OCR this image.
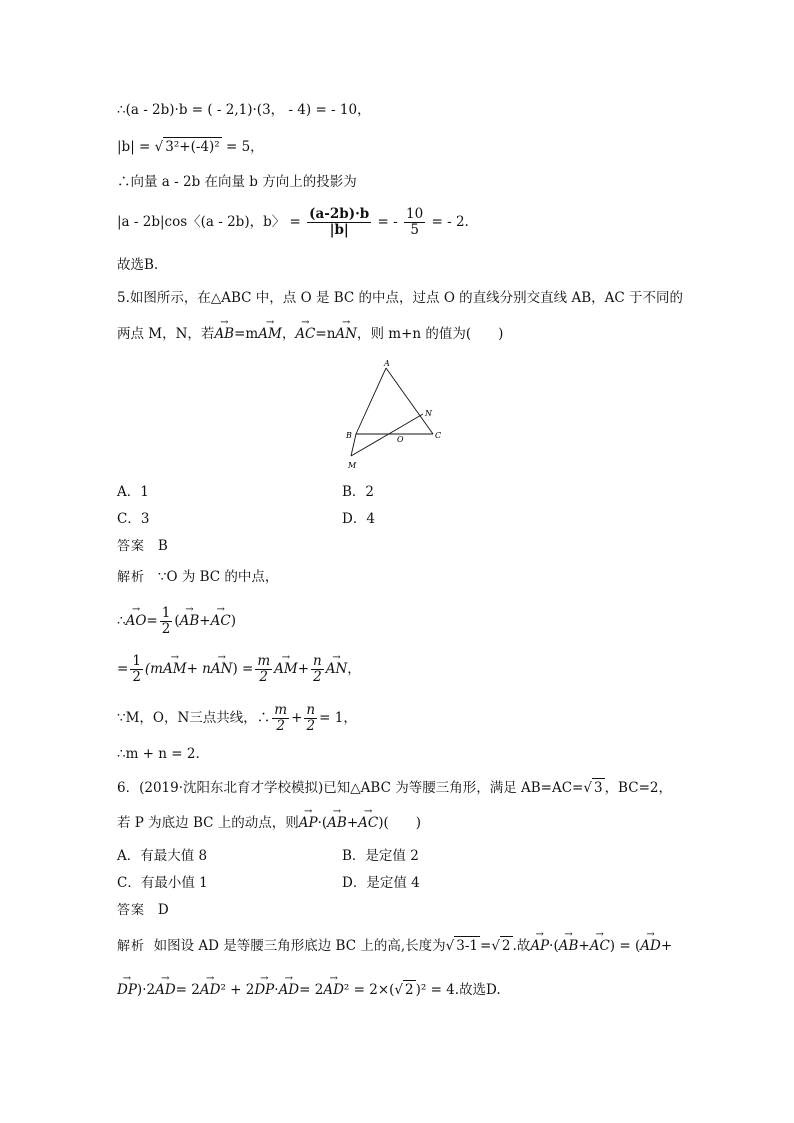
∴(a - 2b)·b = ( - 2,1)·(3， - 4) = - 10，
|b| = √ 3²+(-4)² = 5，
∴向量 a - 2b 在向量 b 方向上的投影为
|a - 2b|cos〈(a - 2b)，b〉 = $\frac{(a-2b)\cdot b}{|b|}$ = - $\frac{10}{5}$ = - 2.
故选B.
5.如图所示，在△ABC 中，点 O 是 BC 的中点，过点 O 的直线分别交直线 AB，AC 于不同的
两点 M，N，若→ AB=m→ AM，→ AC=n→ AN，则 m+n 的值为(　　)
A
B	C
O
M
N
A．1	B．2
C．3	D．4
答案 B
解析 ∵O 为 BC 的中点，
∴→ $AO= \frac{1}{2}$ (→ AB+→ AC)
= $\frac{1}{2} (m\to AM+ n\to AN) = \frac{m}{2}$
→ $AM+ \frac{n}{2}$
→ AN，
∵M，O，N三点共线，∴ $\frac{m}{2} + \frac{n}{2} = 1$，
∴m + n = 2.
6．(2019·沈阳东北育才学校模拟)已知△ABC 为等腰三角形，满足 AB=AC=√ 3 ，BC=2，
若 P 为底边 BC 上的动点，则→ AP·(→ AB+→ AC)(　　)
A．有最大值 8	B．是定值 2
C．有最小值 1	D．是定值 4
答案 D
解析 如图设 AD 是等腰三角形底边 BC 上的高,长度为√ 3-1 =√ 2 .故→ AP·(→ AB+→ AC) = (→ AD+
→ DP)·2→ AD= 2→ AD² + 2→ DP·→ AD= 2→ AD² = 2×(√ 2 )² = 4.故选D.
